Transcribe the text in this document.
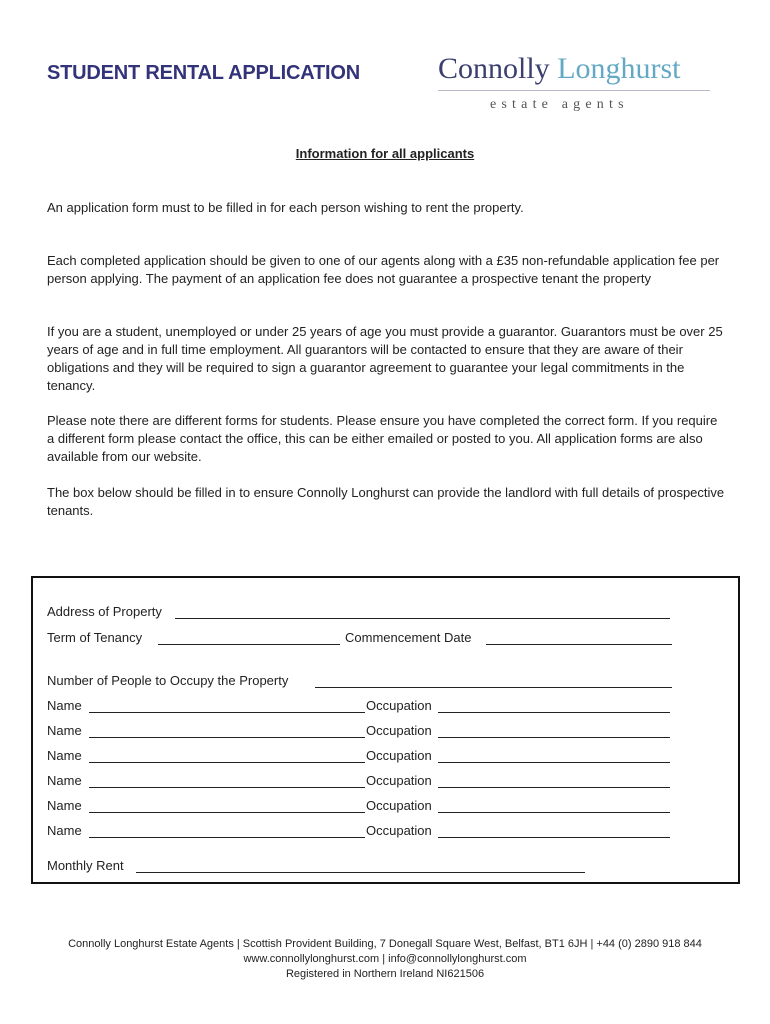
STUDENT RENTAL APPLICATION	Connolly Longhurst
estate agents
Information for all applicants

An application form must to be filled in for each person wishing to rent the property.

Each completed application should be given to one of our agents along with a £35 non-refundable application fee per person applying. The payment of an application fee does not guarantee a prospective tenant the property

If you are a student, unemployed or under 25 years of age you must provide a guarantor. Guarantors must be over 25 years of age and in full time employment. All guarantors will be contacted to ensure that they are aware of their obligations and they will be required to sign a guarantor agreement to guarantee your legal commitments in the tenancy.

Please note there are different forms for students. Please ensure you have completed the correct form. If you require a different form please contact the office, this can be either emailed or posted to you. All application forms are also available from our website.

The box below should be filled in to ensure Connolly Longhurst can provide the landlord with full details of prospective tenants.

Address of Property
Term of Tenancy	Commencement Date
Number of People to Occupy the Property
Name	Occupation
Name	Occupation
Name	Occupation
Name	Occupation
Name	Occupation
Name	Occupation
Monthly Rent
Connolly Longhurst Estate Agents | Scottish Provident Building, 7 Donegall Square West, Belfast, BT1 6JH | +44 (0) 2890 918 844
www.connollylonghurst.com | info@connollylonghurst.com
Registered in Northern Ireland NI621506
